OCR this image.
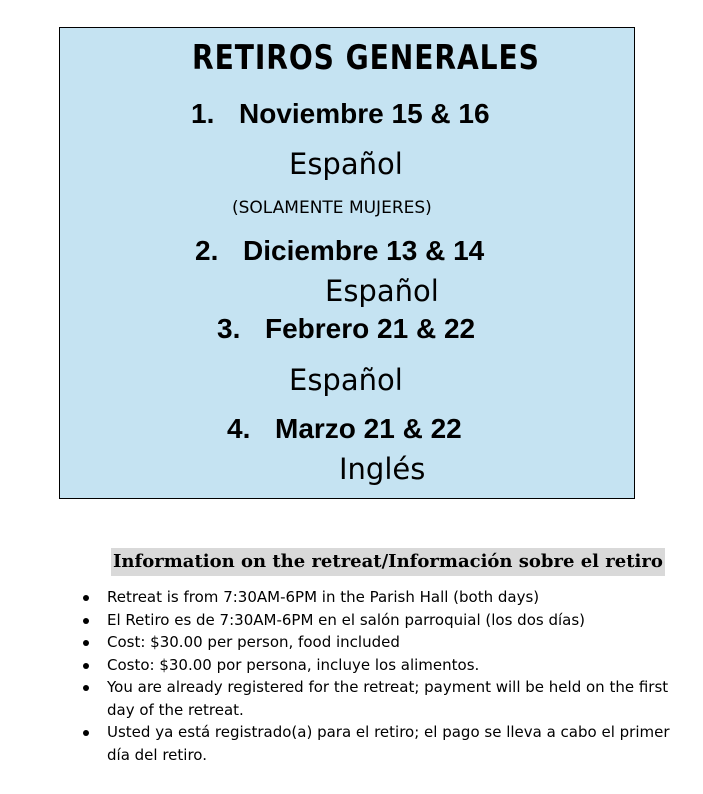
RETIROS GENERALES
1. Noviembre 15 & 16
Español
(SOLAMENTE MUJERES)
2. Diciembre 13 & 14
Español
3. Febrero 21 & 22
Español
4. Marzo 21 & 22
Inglés
Information on the retreat/Información sobre el retiro
Retreat is from 7:30AM-6PM in the Parish Hall (both days)
El Retiro es de 7:30AM-6PM en el salón parroquial (los dos días)
Cost: $30.00 per person, food included
Costo: $30.00 por persona, incluye los alimentos.
You are already registered for the retreat; payment will be held on the first day of the retreat.
Usted ya está registrado(a) para el retiro; el pago se lleva a cabo el primer día del retiro.
